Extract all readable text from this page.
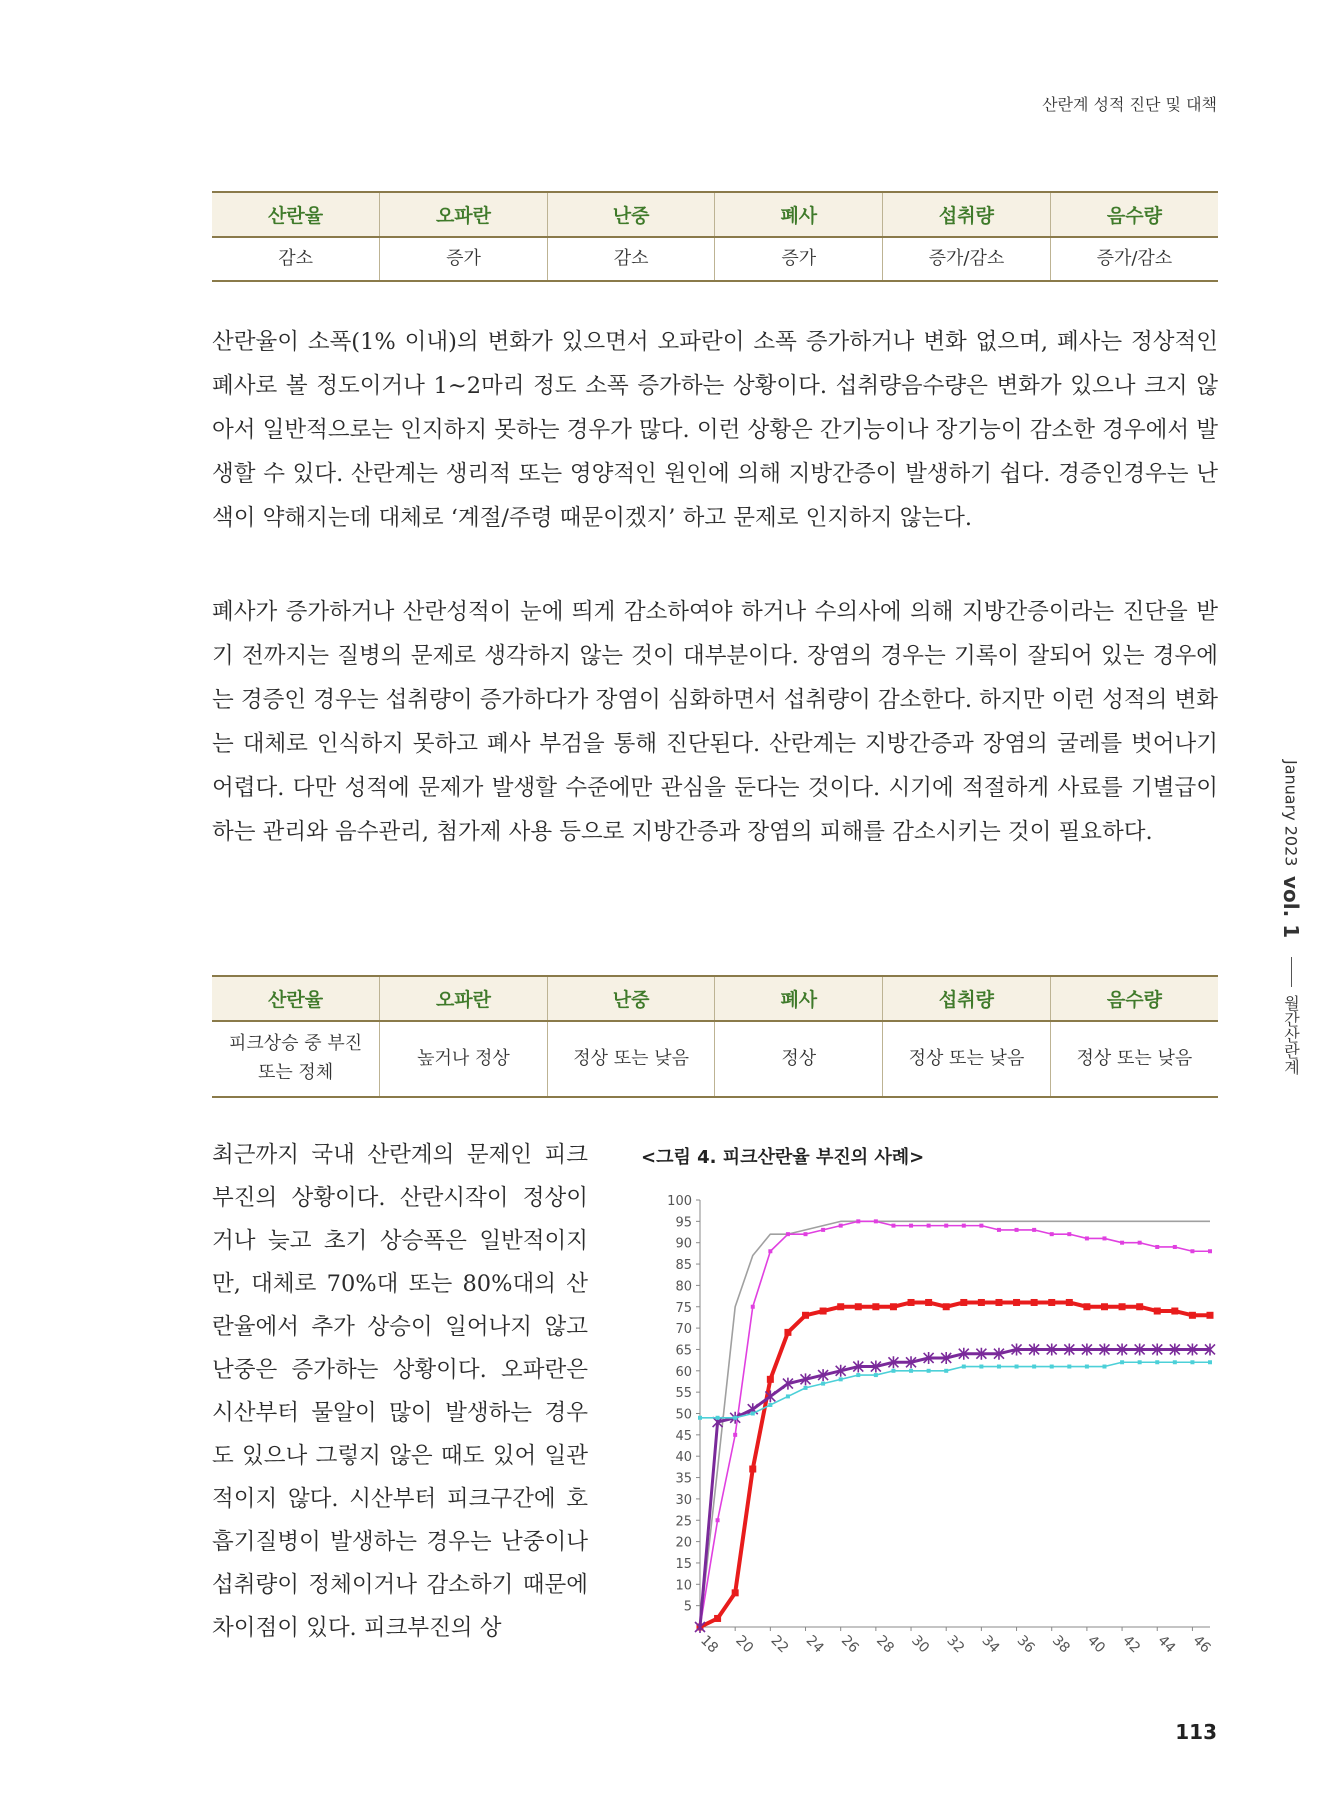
산란계 성적 진단 및 대책
산란율	오파란	난중	폐사	섭취량	음수량
감소	증가	감소	증가	증가/감소	증가/감소

산란율이 소폭(1% 이내)의 변화가 있으면서 오파란이 소폭 증가하거나 변화 없으며, 폐사는 정상적인 폐사로 볼 정도이거나 1~2마리 정도 소폭 증가하는 상황이다. 섭취량음수량은 변화가 있으나 크지 않아서 일반적으로는 인지하지 못하는 경우가 많다. 이런 상황은 간기능이나 장기능이 감소한 경우에서 발생할 수 있다. 산란계는 생리적 또는 영양적인 원인에 의해 지방간증이 발생하기 쉽다. 경증인경우는 난색이 약해지는데 대체로 ‘계절/주령 때문이겠지’ 하고 문제로 인지하지 않는다.

폐사가 증가하거나 산란성적이 눈에 띄게 감소하여야 하거나 수의사에 의해 지방간증이라는 진단을 받기 전까지는 질병의 문제로 생각하지 않는 것이 대부분이다. 장염의 경우는 기록이 잘되어 있는 경우에는 경증인 경우는 섭취량이 증가하다가 장염이 심화하면서 섭취량이 감소한다. 하지만 이런 성적의 변화는 대체로 인식하지 못하고 폐사 부검을 통해 진단된다. 산란계는 지방간증과 장염의 굴레를 벗어나기 어렵다. 다만 성적에 문제가 발생할 수준에만 관심을 둔다는 것이다. 시기에 적절하게 사료를 기별급이하는 관리와 음수관리, 첨가제 사용 등으로 지방간증과 장염의 피해를 감소시키는 것이 필요하다.

산란율	오파란	난중	폐사	섭취량	음수량
피크상승 중 부진 또는 정체	높거나 정상	정상 또는 낮음	정상	정상 또는 낮음	정상 또는 낮음

최근까지 국내 산란계의 문제인 피크 부진의 상황이다. 산란시작이 정상이거나 늦고 초기 상승폭은 일반적이지만, 대체로 70%대 또는 80%대의 산란율에서 추가 상승이 일어나지 않고 난중은 증가하는 상황이다. 오파란은 시산부터 물알이 많이 발생하는 경우도 있으나 그렇지 않은 때도 있어 일관적이지 않다. 시산부터 피크구간에 호흡기질병이 발생하는 경우는 난중이나 섭취량이 정체이거나 감소하기 때문에 차이점이 있다. 피크부진의 상

<그림 4. 피크산란율 부진의 사례>
5
10
15
20
25
30
35
40
45
50
55
60
65
70
75
80
85
90
95
100
18 20 22 24 26 28 30 32 34 36 38 40 42 44 46
January 2023
vol. 1
월간산란계
113
